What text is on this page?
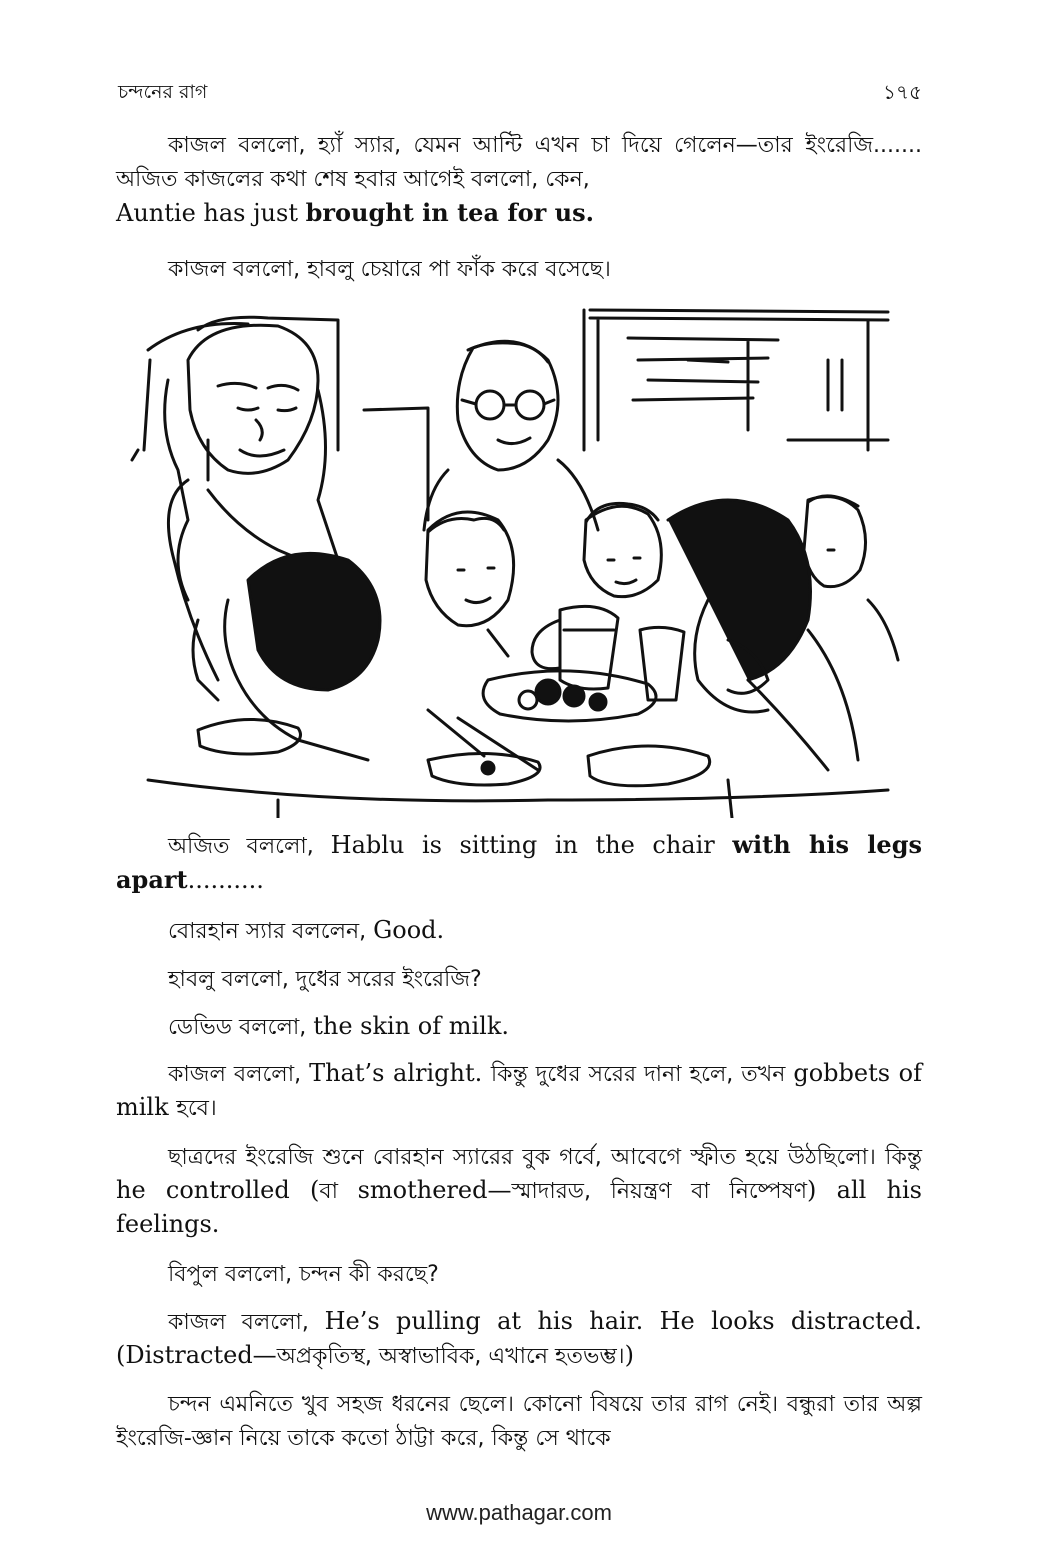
চন্দনের রাগ	১৭৫

কাজল বললো, হ্যাঁ স্যার, যেমন আন্টি এখন চা দিয়ে গেলেন—তার ইংরেজি....... অজিত কাজলের কথা শেষ হবার আগেই বললো, কেন,
Auntie has just brought in tea for us.

কাজল বললো, হাবলু চেয়ারে পা ফাঁক করে বসেছে।

অজিত বললো, Hablu is sitting in the chair with his legs apart..........

বোরহান স্যার বললেন, Good.

হাবলু বললো, দুধের সরের ইংরেজি?

ডেভিড বললো, the skin of milk.

কাজল বললো, That’s alright. কিন্তু দুধের সরের দানা হলে, তখন gobbets of milk হবে।

ছাত্রদের ইংরেজি শুনে বোরহান স্যারের বুক গর্বে, আবেগে স্ফীত হয়ে উঠছিলো। কিন্তু he controlled (বা smothered—স্মাদারড, নিয়ন্ত্রণ বা নিষ্পেষণ) all his feelings.

বিপুল বললো, চন্দন কী করছে?

কাজল বললো, He’s pulling at his hair. He looks distracted. (Distracted—অপ্রকৃতিস্থ, অস্বাভাবিক, এখানে হতভম্ভ।)

চন্দন এমনিতে খুব সহজ ধরনের ছেলে। কোনো বিষয়ে তার রাগ নেই। বন্ধুরা তার অল্প ইংরেজি-জ্ঞান নিয়ে তাকে কতো ঠাট্টা করে, কিন্তু সে থাকে

www.pathagar.com
